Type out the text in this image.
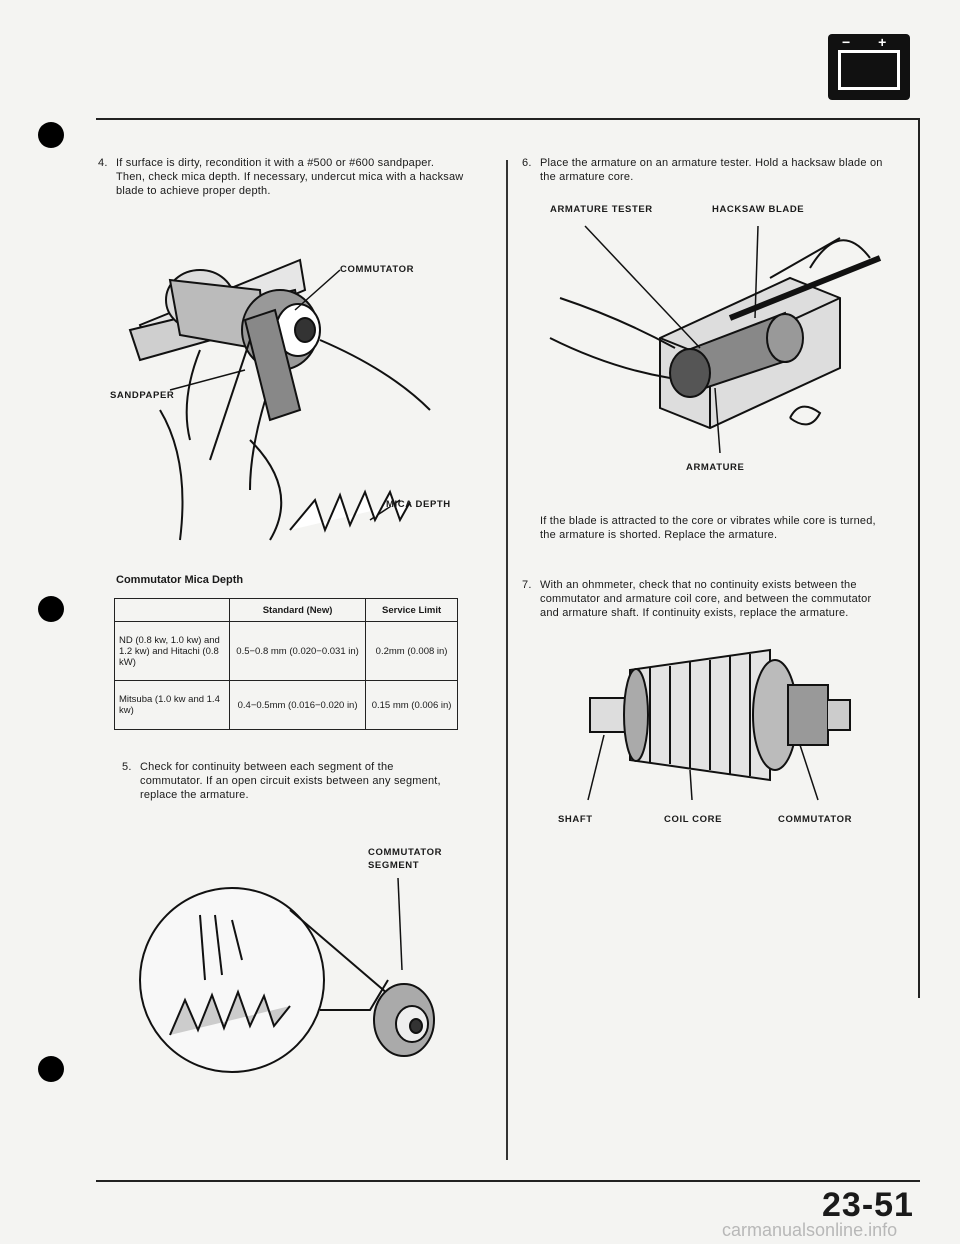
− +
4. If surface is dirty, recondition it with a #500 or #600 sandpaper. Then, check mica depth. If necessary, undercut mica with a hacksaw blade to achieve proper depth.
COMMUTATOR
SANDPAPER
MICA DEPTH
Commutator Mica Depth
	Standard (New)	Service Limit
ND (0.8 kw, 1.0 kw) and 1.2 kw) and Hitachi (0.8 kW)	0.5−0.8 mm (0.020−0.031 in)	0.2mm (0.008 in)
Mitsuba (1.0 kw and 1.4 kw)	0.4−0.5mm (0.016−0.020 in)	0.15 mm (0.006 in)
5. Check for continuity between each segment of the commutator. If an open circuit exists between any segment, replace the armature.
COMMUTATOR SEGMENT
6. Place the armature on an armature tester. Hold a hacksaw blade on the armature core.
ARMATURE TESTER	HACKSAW BLADE
ARMATURE
If the blade is attracted to the core or vibrates while core is turned, the armature is shorted. Replace the armature.
7. With an ohmmeter, check that no continuity exists between the commutator and armature coil core, and between the commutator and armature shaft. If continuity exists, replace the armature.
SHAFT	COIL CORE	COMMUTATOR
23-51
carmanualsonline.info
